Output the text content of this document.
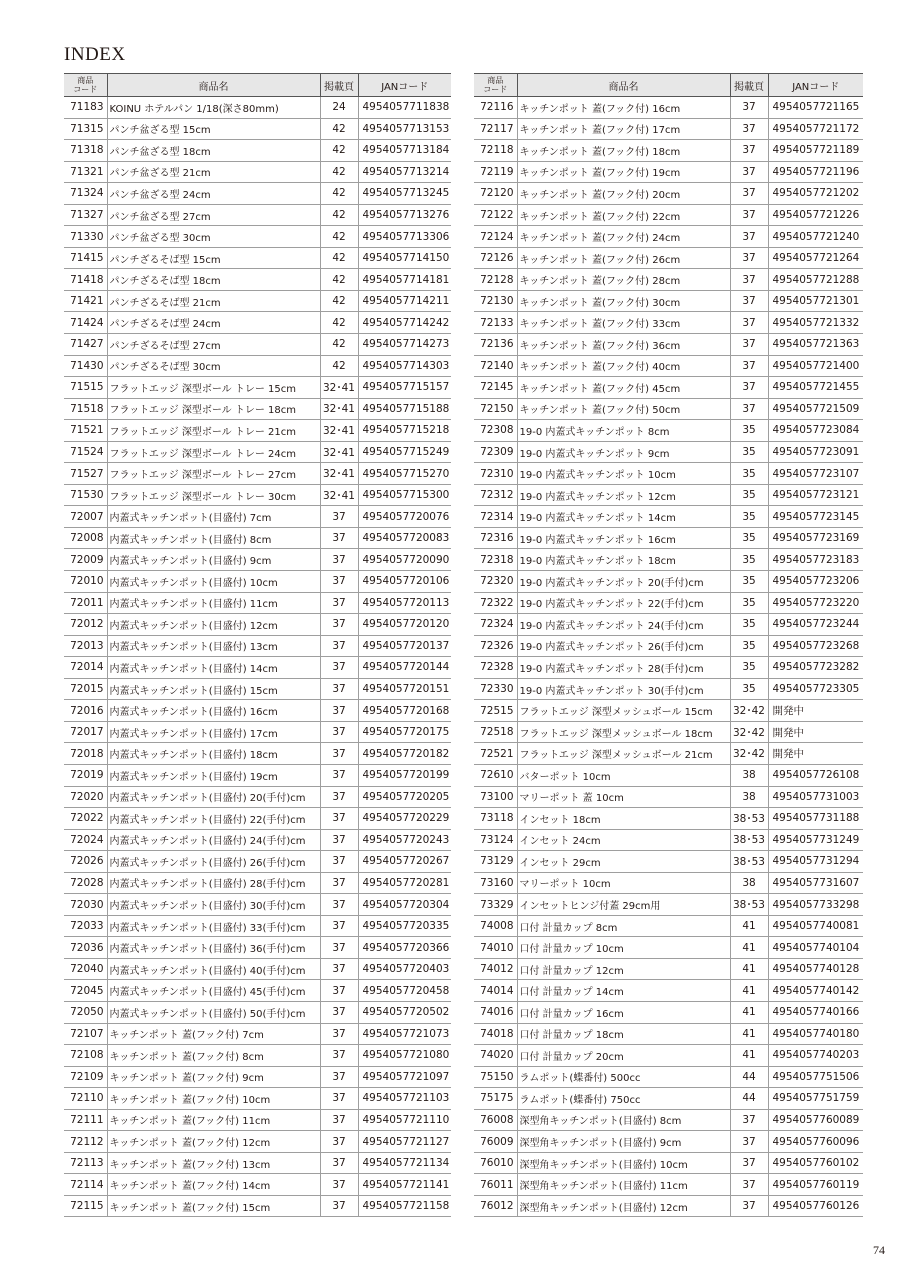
INDEX
商品
コード	商品名	掲載頁	JANコード
71183	KOINU ホテルパン 1/18(深さ80mm)	24	4954057711838
71315	パンチ盆ざる型 15cm	42	4954057713153
71318	パンチ盆ざる型 18cm	42	4954057713184
71321	パンチ盆ざる型 21cm	42	4954057713214
71324	パンチ盆ざる型 24cm	42	4954057713245
71327	パンチ盆ざる型 27cm	42	4954057713276
71330	パンチ盆ざる型 30cm	42	4954057713306
71415	パンチざるそば型 15cm	42	4954057714150
71418	パンチざるそば型 18cm	42	4954057714181
71421	パンチざるそば型 21cm	42	4954057714211
71424	パンチざるそば型 24cm	42	4954057714242
71427	パンチざるそば型 27cm	42	4954057714273
71430	パンチざるそば型 30cm	42	4954057714303
71515	フラットエッジ 深型ボール トレー 15cm	32･41	4954057715157
71518	フラットエッジ 深型ボール トレー 18cm	32･41	4954057715188
71521	フラットエッジ 深型ボール トレー 21cm	32･41	4954057715218
71524	フラットエッジ 深型ボール トレー 24cm	32･41	4954057715249
71527	フラットエッジ 深型ボール トレー 27cm	32･41	4954057715270
71530	フラットエッジ 深型ボール トレー 30cm	32･41	4954057715300
72007	内蓋式キッチンポット(目盛付) 7cm	37	4954057720076
72008	内蓋式キッチンポット(目盛付) 8cm	37	4954057720083
72009	内蓋式キッチンポット(目盛付) 9cm	37	4954057720090
72010	内蓋式キッチンポット(目盛付) 10cm	37	4954057720106
72011	内蓋式キッチンポット(目盛付) 11cm	37	4954057720113
72012	内蓋式キッチンポット(目盛付) 12cm	37	4954057720120
72013	内蓋式キッチンポット(目盛付) 13cm	37	4954057720137
72014	内蓋式キッチンポット(目盛付) 14cm	37	4954057720144
72015	内蓋式キッチンポット(目盛付) 15cm	37	4954057720151
72016	内蓋式キッチンポット(目盛付) 16cm	37	4954057720168
72017	内蓋式キッチンポット(目盛付) 17cm	37	4954057720175
72018	内蓋式キッチンポット(目盛付) 18cm	37	4954057720182
72019	内蓋式キッチンポット(目盛付) 19cm	37	4954057720199
72020	内蓋式キッチンポット(目盛付) 20(手付)cm	37	4954057720205
72022	内蓋式キッチンポット(目盛付) 22(手付)cm	37	4954057720229
72024	内蓋式キッチンポット(目盛付) 24(手付)cm	37	4954057720243
72026	内蓋式キッチンポット(目盛付) 26(手付)cm	37	4954057720267
72028	内蓋式キッチンポット(目盛付) 28(手付)cm	37	4954057720281
72030	内蓋式キッチンポット(目盛付) 30(手付)cm	37	4954057720304
72033	内蓋式キッチンポット(目盛付) 33(手付)cm	37	4954057720335
72036	内蓋式キッチンポット(目盛付) 36(手付)cm	37	4954057720366
72040	内蓋式キッチンポット(目盛付) 40(手付)cm	37	4954057720403
72045	内蓋式キッチンポット(目盛付) 45(手付)cm	37	4954057720458
72050	内蓋式キッチンポット(目盛付) 50(手付)cm	37	4954057720502
72107	キッチンポット 蓋(フック付) 7cm	37	4954057721073
72108	キッチンポット 蓋(フック付) 8cm	37	4954057721080
72109	キッチンポット 蓋(フック付) 9cm	37	4954057721097
72110	キッチンポット 蓋(フック付) 10cm	37	4954057721103
72111	キッチンポット 蓋(フック付) 11cm	37	4954057721110
72112	キッチンポット 蓋(フック付) 12cm	37	4954057721127
72113	キッチンポット 蓋(フック付) 13cm	37	4954057721134
72114	キッチンポット 蓋(フック付) 14cm	37	4954057721141
72115	キッチンポット 蓋(フック付) 15cm	37	4954057721158
商品
コード	商品名	掲載頁	JANコード
72116	キッチンポット 蓋(フック付) 16cm	37	4954057721165
72117	キッチンポット 蓋(フック付) 17cm	37	4954057721172
72118	キッチンポット 蓋(フック付) 18cm	37	4954057721189
72119	キッチンポット 蓋(フック付) 19cm	37	4954057721196
72120	キッチンポット 蓋(フック付) 20cm	37	4954057721202
72122	キッチンポット 蓋(フック付) 22cm	37	4954057721226
72124	キッチンポット 蓋(フック付) 24cm	37	4954057721240
72126	キッチンポット 蓋(フック付) 26cm	37	4954057721264
72128	キッチンポット 蓋(フック付) 28cm	37	4954057721288
72130	キッチンポット 蓋(フック付) 30cm	37	4954057721301
72133	キッチンポット 蓋(フック付) 33cm	37	4954057721332
72136	キッチンポット 蓋(フック付) 36cm	37	4954057721363
72140	キッチンポット 蓋(フック付) 40cm	37	4954057721400
72145	キッチンポット 蓋(フック付) 45cm	37	4954057721455
72150	キッチンポット 蓋(フック付) 50cm	37	4954057721509
72308	19-0 内蓋式キッチンポット 8cm	35	4954057723084
72309	19-0 内蓋式キッチンポット 9cm	35	4954057723091
72310	19-0 内蓋式キッチンポット 10cm	35	4954057723107
72312	19-0 内蓋式キッチンポット 12cm	35	4954057723121
72314	19-0 内蓋式キッチンポット 14cm	35	4954057723145
72316	19-0 内蓋式キッチンポット 16cm	35	4954057723169
72318	19-0 内蓋式キッチンポット 18cm	35	4954057723183
72320	19-0 内蓋式キッチンポット 20(手付)cm	35	4954057723206
72322	19-0 内蓋式キッチンポット 22(手付)cm	35	4954057723220
72324	19-0 内蓋式キッチンポット 24(手付)cm	35	4954057723244
72326	19-0 内蓋式キッチンポット 26(手付)cm	35	4954057723268
72328	19-0 内蓋式キッチンポット 28(手付)cm	35	4954057723282
72330	19-0 内蓋式キッチンポット 30(手付)cm	35	4954057723305
72515	フラットエッジ 深型メッシュボール 15cm	32･42	開発中
72518	フラットエッジ 深型メッシュボール 18cm	32･42	開発中
72521	フラットエッジ 深型メッシュボール 21cm	32･42	開発中
72610	バターポット 10cm	38	4954057726108
73100	マリーポット 蓋 10cm	38	4954057731003
73118	インセット 18cm	38･53	4954057731188
73124	インセット 24cm	38･53	4954057731249
73129	インセット 29cm	38･53	4954057731294
73160	マリーポット 10cm	38	4954057731607
73329	インセットヒンジ付蓋 29cm用	38･53	4954057733298
74008	口付 計量カップ 8cm	41	4954057740081
74010	口付 計量カップ 10cm	41	4954057740104
74012	口付 計量カップ 12cm	41	4954057740128
74014	口付 計量カップ 14cm	41	4954057740142
74016	口付 計量カップ 16cm	41	4954057740166
74018	口付 計量カップ 18cm	41	4954057740180
74020	口付 計量カップ 20cm	41	4954057740203
75150	ラムポット(蝶番付) 500cc	44	4954057751506
75175	ラムポット(蝶番付) 750cc	44	4954057751759
76008	深型角キッチンポット(目盛付) 8cm	37	4954057760089
76009	深型角キッチンポット(目盛付) 9cm	37	4954057760096
76010	深型角キッチンポット(目盛付) 10cm	37	4954057760102
76011	深型角キッチンポット(目盛付) 11cm	37	4954057760119
76012	深型角キッチンポット(目盛付) 12cm	37	4954057760126
74
